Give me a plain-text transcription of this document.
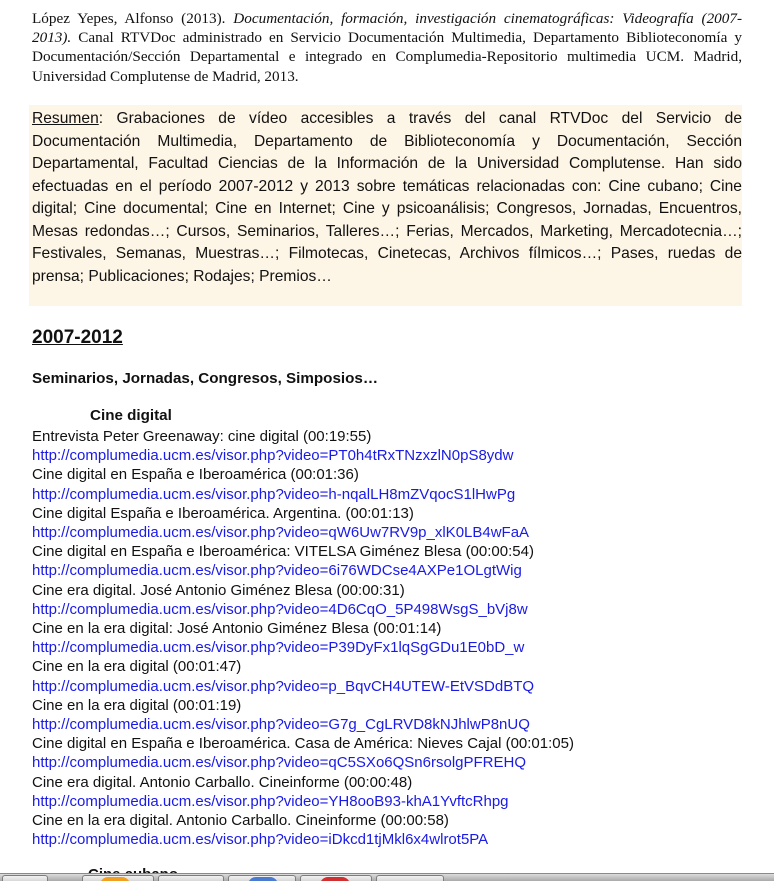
López Yepes, Alfonso (2013). Documentación, formación, investigación cinematográficas: Videografía (2007-2013). Canal RTVDoc administrado en Servicio Documentación Multimedia, Departamento Biblioteconomía y Documentación/Sección Departamental e integrado en Complumedia-Repositorio multimedia UCM. Madrid, Universidad Complutense de Madrid, 2013.
Resumen: Grabaciones de vídeo accesibles a través del canal RTVDoc del Servicio de Documentación Multimedia, Departamento de Biblioteconomía y Documentación, Sección Departamental, Facultad Ciencias de la Información de la Universidad Complutense. Han sido efectuadas en el período 2007-2012 y 2013 sobre temáticas relacionadas con: Cine cubano; Cine digital; Cine documental; Cine en Internet; Cine y psicoanálisis; Congresos, Jornadas, Encuentros, Mesas redondas…; Cursos, Seminarios, Talleres…; Ferias, Mercados, Marketing, Mercadotecnia…; Festivales, Semanas, Muestras…; Filmotecas, Cinetecas, Archivos fílmicos…; Pases, ruedas de prensa; Publicaciones; Rodajes; Premios…
2007-2012
Seminarios, Jornadas, Congresos, Simposios…
Cine digital
Entrevista Peter Greenaway: cine digital (00:19:55)
http://complumedia.ucm.es/visor.php?video=PT0h4tRxTNzxzlN0pS8ydw
Cine digital en España e Iberoamérica (00:01:36)
http://complumedia.ucm.es/visor.php?video=h-nqalLH8mZVqocS1lHwPg
Cine digital España e Iberoamérica. Argentina. (00:01:13)
http://complumedia.ucm.es/visor.php?video=qW6Uw7RV9p_xlK0LB4wFaA
Cine digital en España e Iberoamérica: VITELSA Giménez Blesa (00:00:54)
http://complumedia.ucm.es/visor.php?video=6i76WDCse4AXPe1OLgtWig
Cine era digital. José Antonio Giménez Blesa (00:00:31)
http://complumedia.ucm.es/visor.php?video=4D6CqO_5P498WsgS_bVj8w
Cine en la era digital: José Antonio Giménez Blesa (00:01:14)
http://complumedia.ucm.es/visor.php?video=P39DyFx1lqSgGDu1E0bD_w
Cine en la era digital (00:01:47)
http://complumedia.ucm.es/visor.php?video=p_BqvCH4UTEW-EtVSDdBTQ
Cine en la era digital (00:01:19)
http://complumedia.ucm.es/visor.php?video=G7g_CgLRVD8kNJhlwP8nUQ
Cine digital en España e Iberoamérica. Casa de América: Nieves Cajal (00:01:05)
http://complumedia.ucm.es/visor.php?video=qC5SXo6QSn6rsolgPFREHQ
Cine era digital. Antonio Carballo. Cineinforme (00:00:48)
http://complumedia.ucm.es/visor.php?video=YH8ooB93-khA1YvftcRhpg
Cine en la era digital. Antonio Carballo. Cineinforme (00:00:58)
http://complumedia.ucm.es/visor.php?video=iDkcd1tjMkl6x4wlrot5PA
